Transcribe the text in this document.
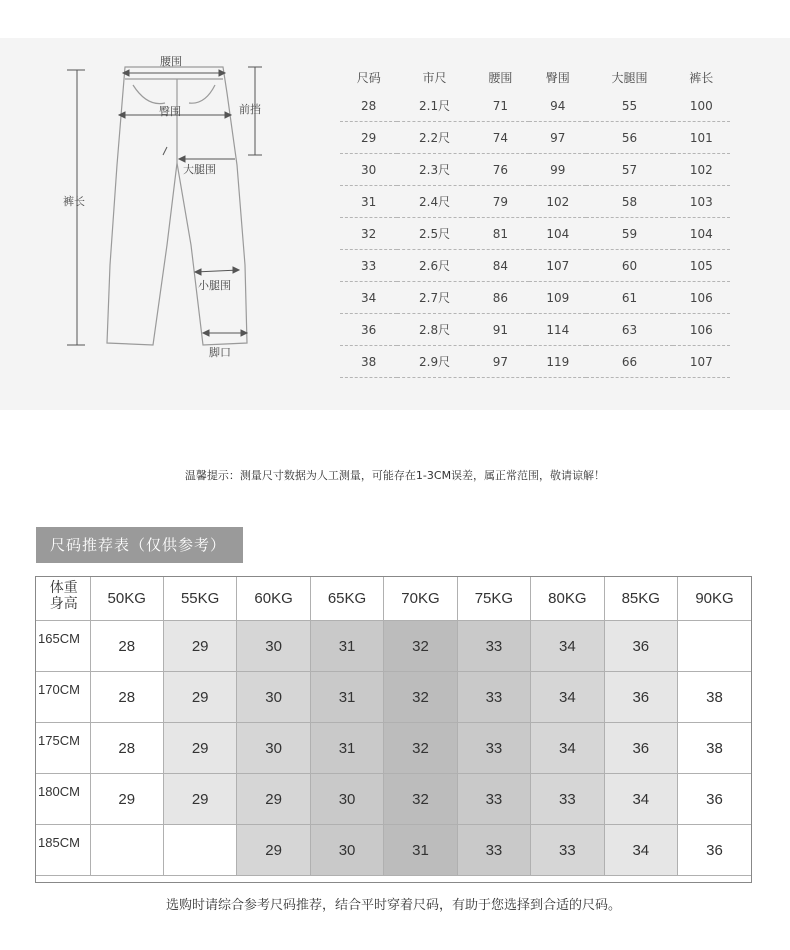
腰围
臀围	前挡
大腿围
裤长
小腿围
脚口
尺码	市尺	腰围	臀围	大腿围	裤长
28	2.1尺	71	94	55	100
29	2.2尺	74	97	56	101
30	2.3尺	76	99	57	102
31	2.4尺	79	102	58	103
32	2.5尺	81	104	59	104
33	2.6尺	84	107	60	105
34	2.7尺	86	109	61	106
36	2.8尺	91	114	63	106
38	2.9尺	97	119	66	107
温馨提示：测量尺寸数据为人工测量，可能存在1-3CM误差，属正常范围，敬请谅解！
尺码推荐表（仅供参考）
体重
身高	50KG	55KG	60KG	65KG	70KG	75KG	80KG	85KG	90KG
165CM	28	29	30	31	32	33	34	36	
170CM	28	29	30	31	32	33	34	36	38
175CM	28	29	30	31	32	33	34	36	38
180CM	29	29	29	30	32	33	33	34	36
185CM			29	30	31	33	33	34	36
选购时请综合参考尺码推荐，结合平时穿着尺码，有助于您选择到合适的尺码。
